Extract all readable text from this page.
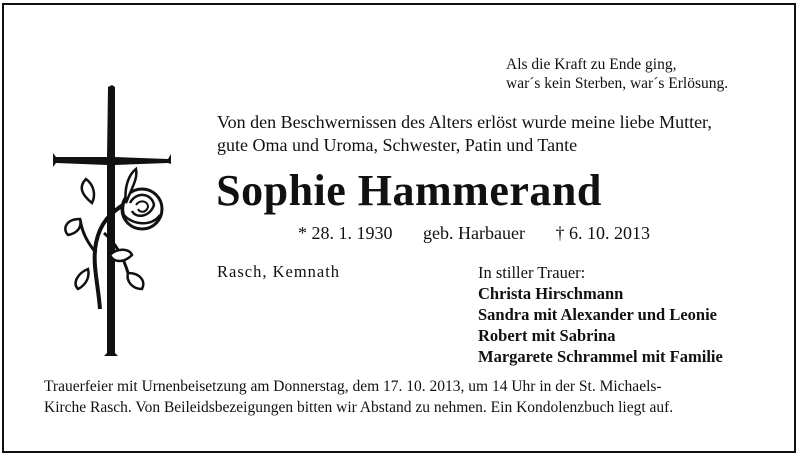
Als die Kraft zu Ende ging,
war´s kein Sterben, war´s Erlösung.
Von den Beschwernissen des Alters erlöst wurde meine liebe Mutter,
gute Oma und Uroma, Schwester, Patin und Tante
Sophie Hammerand
* 28. 1. 1930 geb. Harbauer † 6. 10. 2013
Rasch, Kemnath	In stiller Trauer:
Christa Hirschmann
Sandra mit Alexander und Leonie
Robert mit Sabrina
Margarete Schrammel mit Familie
Trauerfeier mit Urnenbeisetzung am Donnerstag, dem 17. 10. 2013, um 14 Uhr in der St. Michaels-
Kirche Rasch. Von Beileidsbezeigungen bitten wir Abstand zu nehmen. Ein Kondolenzbuch liegt auf.
